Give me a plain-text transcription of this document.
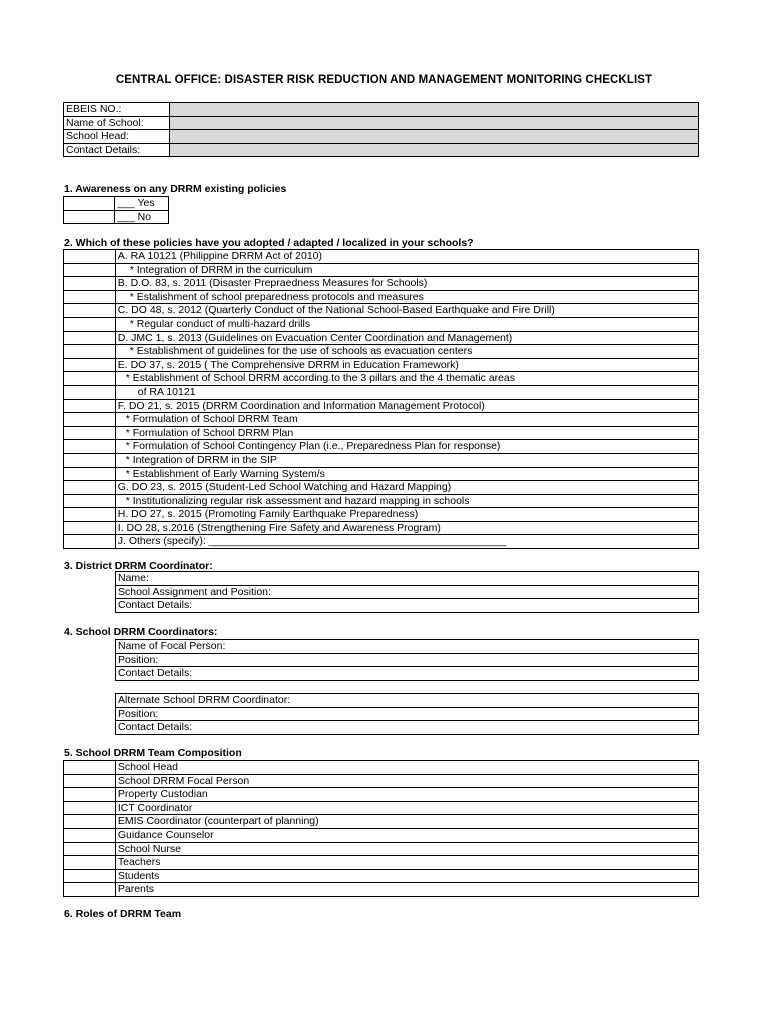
CENTRAL OFFICE: DISASTER RISK REDUCTION AND MANAGEMENT MONITORING CHECKLIST
EBEIS NO.:	
Name of School:	
School Head:	
Contact Details:	
1. Awareness on any DRRM existing policies
	___ Yes
	___ No
2. Which of these policies have you adopted / adapted / localized in your schools?
	A. RA 10121 (Philippine DRRM Act of 2010)
	* Integration of DRRM in the curriculum
	B. D.O. 83, s. 2011 (Disaster Prepraedness Measures for Schools)
	* Estalishment of school preparedness protocols and measures
	C. DO 48, s. 2012 (Quarterly Conduct of the National School-Based Earthquake and Fire Drill)
	* Regular conduct of multi-hazard drills
	D. JMC 1, s. 2013 (Guidelines on Evacuation Center Coordination and Management)
	* Establishment of guidelines for the use of schools as evacuation centers
	E. DO 37, s. 2015 ( The Comprehensive DRRM in Education Framework)
	* Establishment of School DRRM according to the 3 pillars and the 4 thematic areas
	of RA 10121
	F. DO 21, s. 2015 (DRRM Coordination and Information Management Protocol)
	* Formulation of School DRRM Team
	* Formulation of School DRRM Plan
	* Formulation of School Contingency Plan (i.e., Preparedness Plan for response)
	* Integration of DRRM in the SIP
	* Establishment of Early Warning System/s
	G. DO 23, s. 2015 (Student-Led School Watching and Hazard Mapping)
	* Institutionalizing regular risk assessment and hazard mapping in schools
	H. DO 27, s. 2015 (Promoting Family Earthquake Preparedness)
	I. DO 28, s.2016 (Strengthening Fire Safety and Awareness Program)
	J. Others (specify): ___________________________________________________
3. District DRRM Coordinator:
Name:
School Assignment and Position:
Contact Details:
4. School DRRM Coordinators:
Name of Focal Person:
Position:
Contact Details:
Alternate School DRRM Coordinator:
Position:
Contact Details:
5. School DRRM Team Composition
	School Head
	School DRRM Focal Person
	Property Custodian
	ICT Coordinator
	EMIS Coordinator (counterpart of planning)
	Guidance Counselor
	School Nurse
	Teachers
	Students
	Parents
6. Roles of DRRM Team
